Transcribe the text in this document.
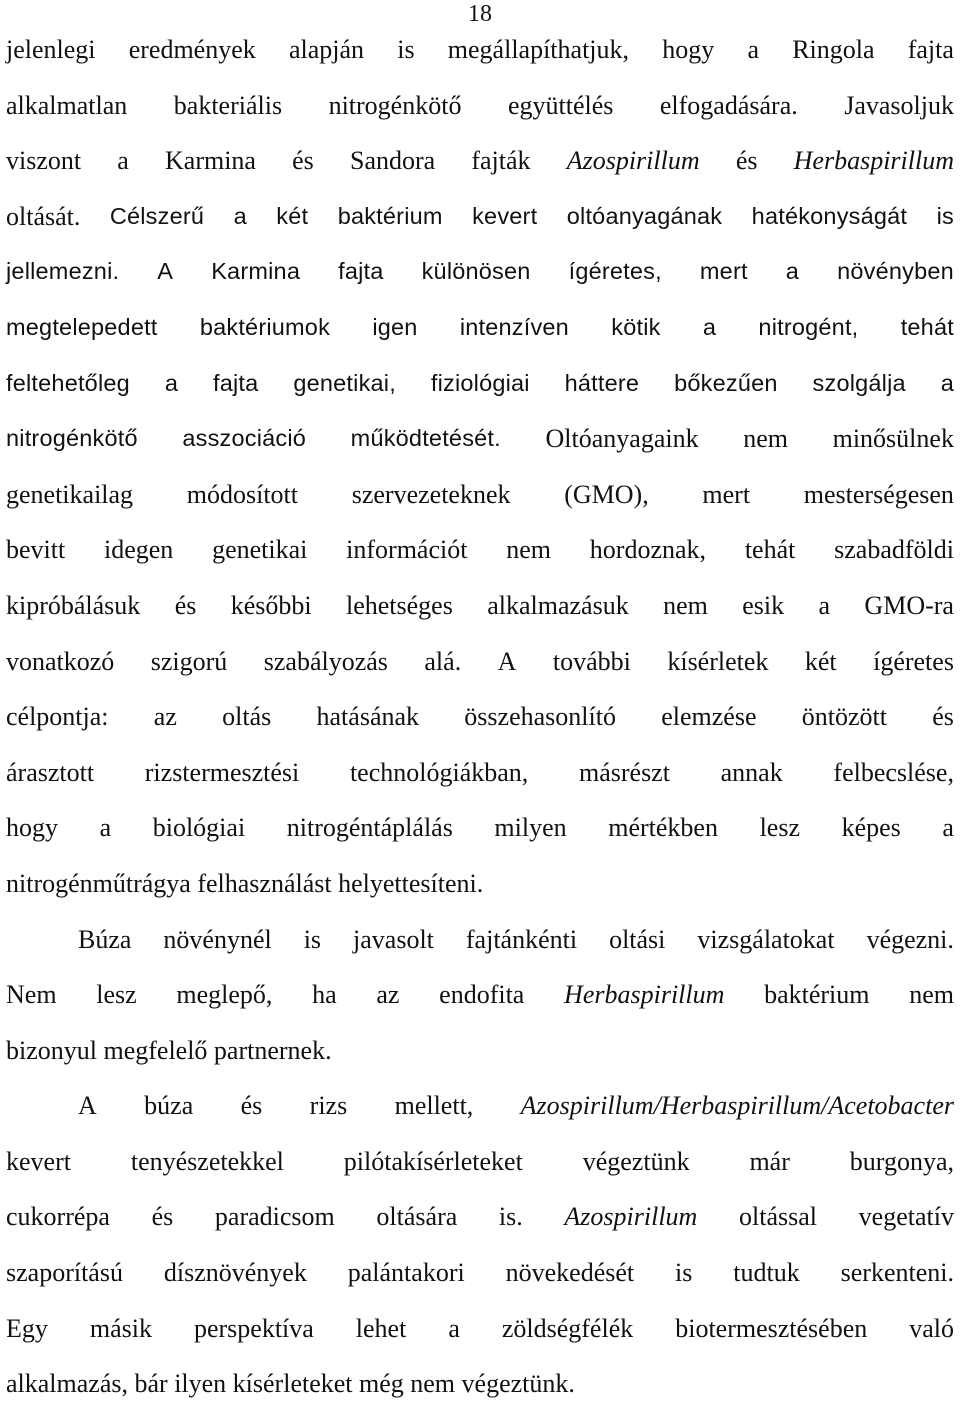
18
jelenlegi eredmények alapján is megállapíthatjuk, hogy a Ringola fajta
alkalmatlan bakteriális nitrogénkötő együttélés elfogadására. Javasoljuk
viszont a Karmina és Sandora fajták Azospirillum és Herbaspirillum
oltását. Célszerű a két baktérium kevert oltóanyagának hatékonyságát is
jellemezni. A Karmina fajta különösen ígéretes, mert a növényben
megtelepedett baktériumok igen intenzíven kötik a nitrogént, tehát
feltehetőleg a fajta genetikai, fiziológiai háttere bőkezűen szolgálja a
nitrogénkötő asszociáció működtetését. Oltóanyagaink nem minősülnek
genetikailag módosított szervezeteknek (GMO), mert mesterségesen
bevitt idegen genetikai információt nem hordoznak, tehát szabadföldi
kipróbálásuk és későbbi lehetséges alkalmazásuk nem esik a GMO-ra
vonatkozó szigorú szabályozás alá. A további kísérletek két ígéretes
célpontja: az oltás hatásának összehasonlító elemzése öntözött és
árasztott rizstermesztési technológiákban, másrészt annak felbecslése,
hogy a biológiai nitrogéntáplálás milyen mértékben lesz képes a
nitrogénműtrágya felhasználást helyettesíteni.
Búza növénynél is javasolt fajtánkénti oltási vizsgálatokat végezni.
Nem lesz meglepő, ha az endofita Herbaspirillum baktérium nem
bizonyul megfelelő partnernek.
A búza és rizs mellett, Azospirillum/Herbaspirillum/Acetobacter
kevert tenyészetekkel pilótakísérleteket végeztünk már burgonya,
cukorrépa és paradicsom oltására is. Azospirillum oltással vegetatív
szaporítású dísznövények palántakori növekedését is tudtuk serkenteni.
Egy másik perspektíva lehet a zöldségfélék biotermesztésében való
alkalmazás, bár ilyen kísérleteket még nem végeztünk.
